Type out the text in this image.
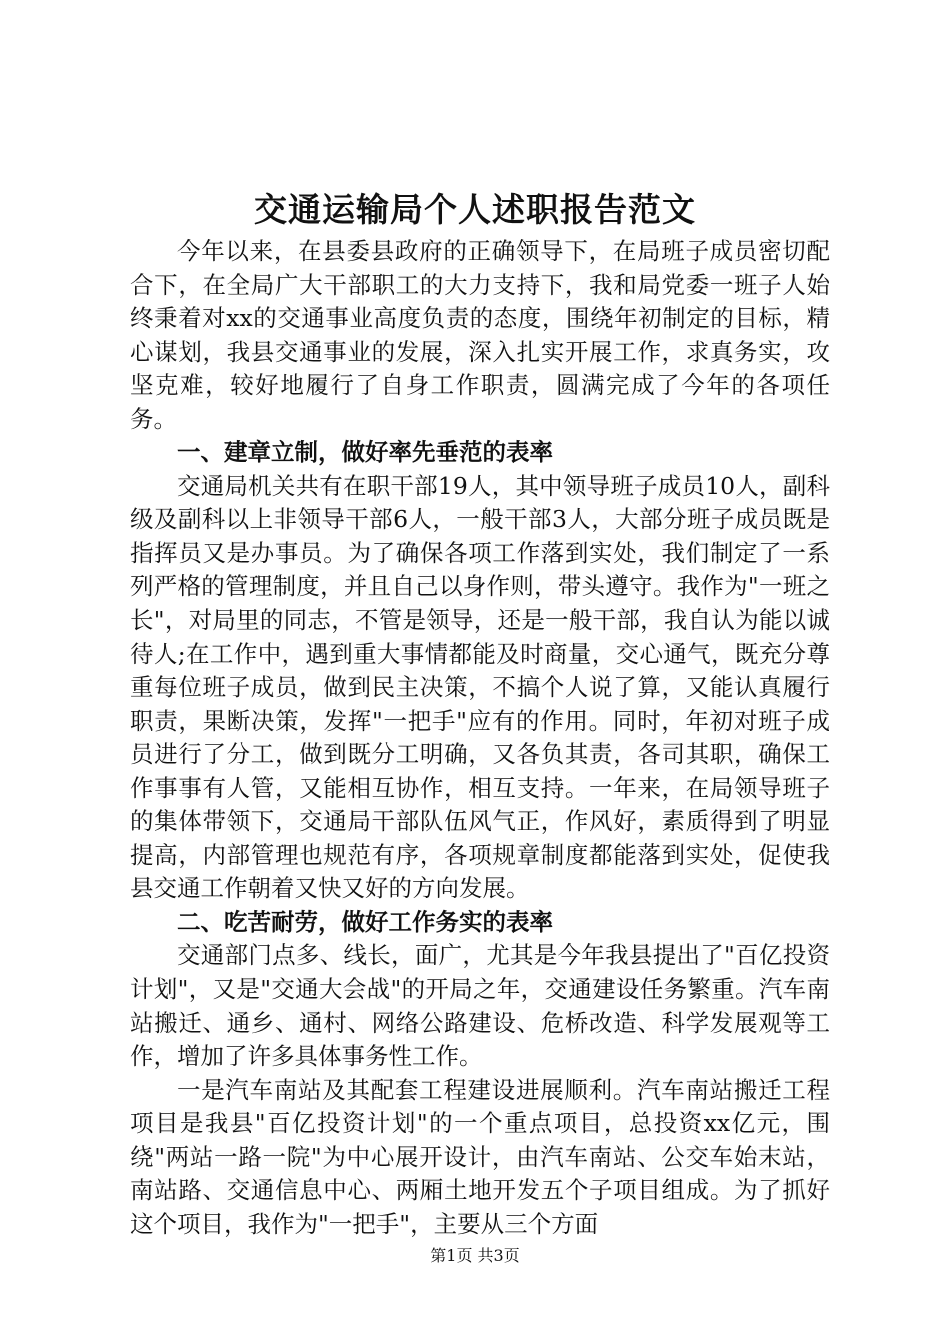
交通运输局个人述职报告范文

今年以来，在县委县政府的正确领导下，在局班子成员密切配合下，在全局广大干部职工的大力支持下，我和局党委一班子人始终秉着对xx的交通事业高度负责的态度，围绕年初制定的目标，精心谋划，我县交通事业的发展，深入扎实开展工作，求真务实，攻坚克难，较好地履行了自身工作职责，圆满完成了今年的各项任务。

一、建章立制，做好率先垂范的表率

交通局机关共有在职干部19人，其中领导班子成员10人，副科级及副科以上非领导干部6人，一般干部3人，大部分班子成员既是指挥员又是办事员。为了确保各项工作落到实处，我们制定了一系列严格的管理制度，并且自己以身作则，带头遵守。我作为"一班之长"，对局里的同志，不管是领导，还是一般干部，我自认为能以诚待人;在工作中，遇到重大事情都能及时商量，交心通气，既充分尊重每位班子成员，做到民主决策，不搞个人说了算，又能认真履行职责，果断决策，发挥"一把手"应有的作用。同时，年初对班子成员进行了分工，做到既分工明确，又各负其责，各司其职，确保工作事事有人管，又能相互协作，相互支持。一年来，在局领导班子的集体带领下，交通局干部队伍风气正，作风好，素质得到了明显提高，内部管理也规范有序，各项规章制度都能落到实处，促使我县交通工作朝着又快又好的方向发展。

二、吃苦耐劳，做好工作务实的表率

交通部门点多、线长，面广，尤其是今年我县提出了"百亿投资计划"，又是"交通大会战"的开局之年，交通建设任务繁重。汽车南站搬迁、通乡、通村、网络公路建设、危桥改造、科学发展观等工作，增加了许多具体事务性工作。

一是汽车南站及其配套工程建设进展顺利。汽车南站搬迁工程项目是我县"百亿投资计划"的一个重点项目，总投资xx亿元，围绕"两站一路一院"为中心展开设计，由汽车南站、公交车始末站，南站路、交通信息中心、两厢土地开发五个子项目组成。为了抓好这个项目，我作为"一把手"，主要从三个方面

第1页 共3页
